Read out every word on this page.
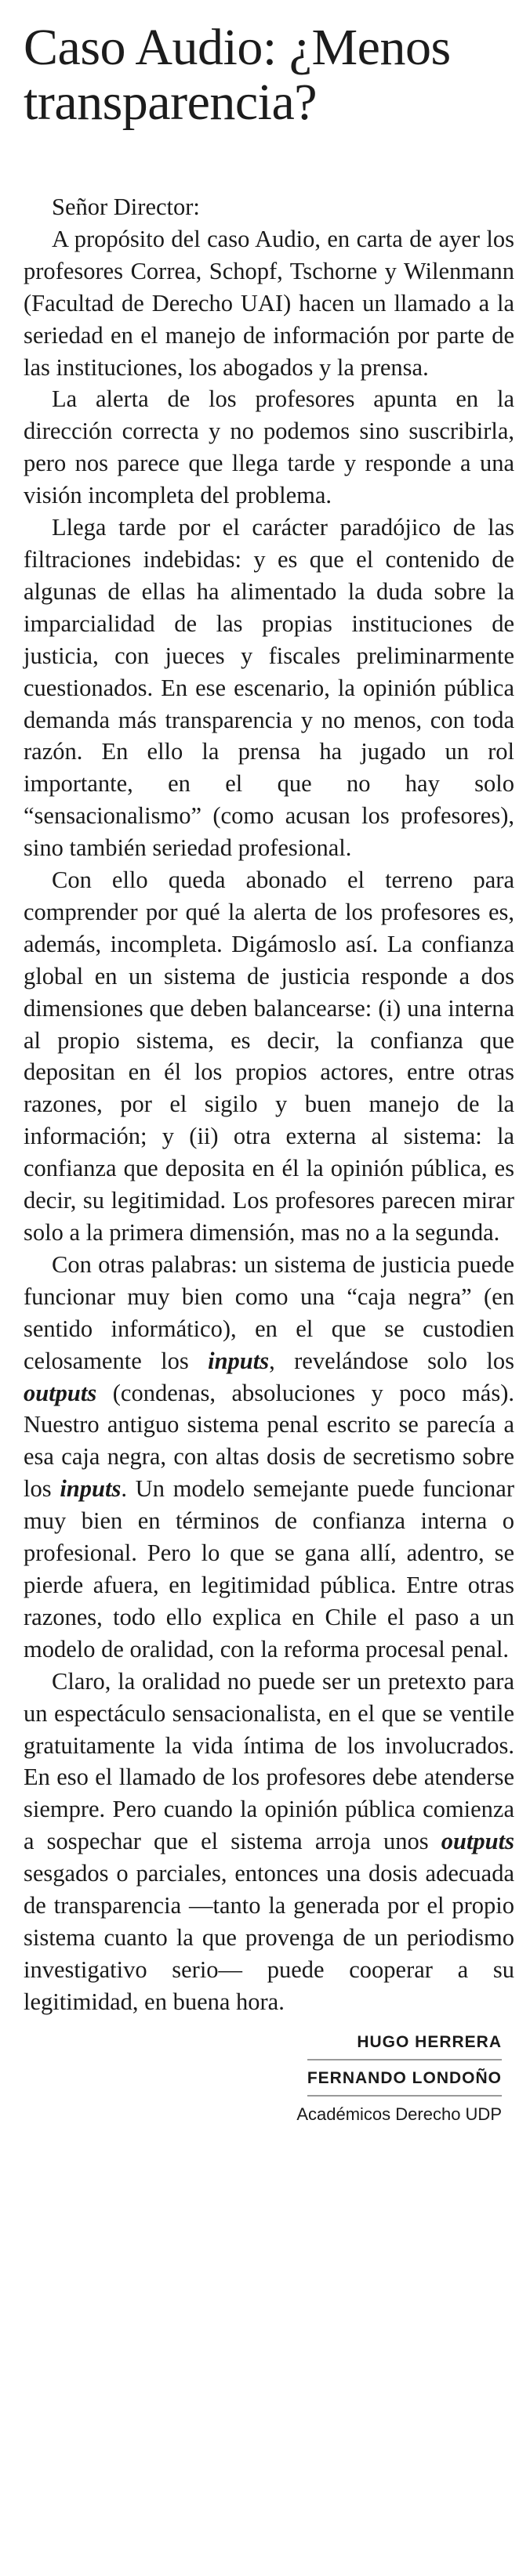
Caso Audio: ¿Menos
transparencia?

Señor Director:

A propósito del caso Audio, en carta de ayer los profesores Correa, Schopf, Tschorne y Wilenmann (Facultad de Derecho UAI) hacen un llamado a la seriedad en el manejo de información por parte de las instituciones, los abogados y la prensa.

La alerta de los profesores apunta en la dirección correcta y no podemos sino suscribirla, pero nos parece que llega tarde y responde a una visión incompleta del problema.

Llega tarde por el carácter paradójico de las filtraciones indebidas: y es que el contenido de algunas de ellas ha alimentado la duda sobre la imparcialidad de las propias instituciones de justicia, con jueces y fiscales preliminarmente cuestionados. En ese escenario, la opinión pública demanda más transparencia y no menos, con toda razón. En ello la prensa ha jugado un rol importante, en el que no hay solo “sensacionalismo” (como acusan los profesores), sino también seriedad profesional.

Con ello queda abonado el terreno para comprender por qué la alerta de los profesores es, además, incompleta. Digámoslo así. La confianza global en un sistema de justicia responde a dos dimensiones que deben balancearse: (i) una interna al propio sistema, es decir, la confianza que depositan en él los propios actores, entre otras razones, por el sigilo y buen manejo de la información; y (ii) otra externa al sistema: la confianza que deposita en él la opinión pública, es decir, su legitimidad. Los profesores parecen mirar solo a la primera dimensión, mas no a la segunda.

Con otras palabras: un sistema de justicia puede funcionar muy bien como una “caja negra” (en sentido informático), en el que se custodien celosamente los inputs, revelándose solo los outputs (condenas, absoluciones y poco más). Nuestro antiguo sistema penal escrito se parecía a esa caja negra, con altas dosis de secretismo sobre los inputs. Un modelo semejante puede funcionar muy bien en términos de confianza interna o profesional. Pero lo que se gana allí, adentro, se pierde afuera, en legitimidad pública. Entre otras razones, todo ello explica en Chile el paso a un modelo de oralidad, con la reforma procesal penal.

Claro, la oralidad no puede ser un pretexto para un espectáculo sensacionalista, en el que se ventile gratuitamente la vida íntima de los involucrados. En eso el llamado de los profesores debe atenderse siempre. Pero cuando la opinión pública comienza a sospechar que el sistema arroja unos outputs sesgados o parciales, entonces una dosis adecuada de transparencia —tanto la generada por el propio sistema cuanto la que provenga de un periodismo investigativo serio— puede cooperar a su legitimidad, en buena hora.

HUGO HERRERA
FERNANDO LONDOÑO
Académicos Derecho UDP
